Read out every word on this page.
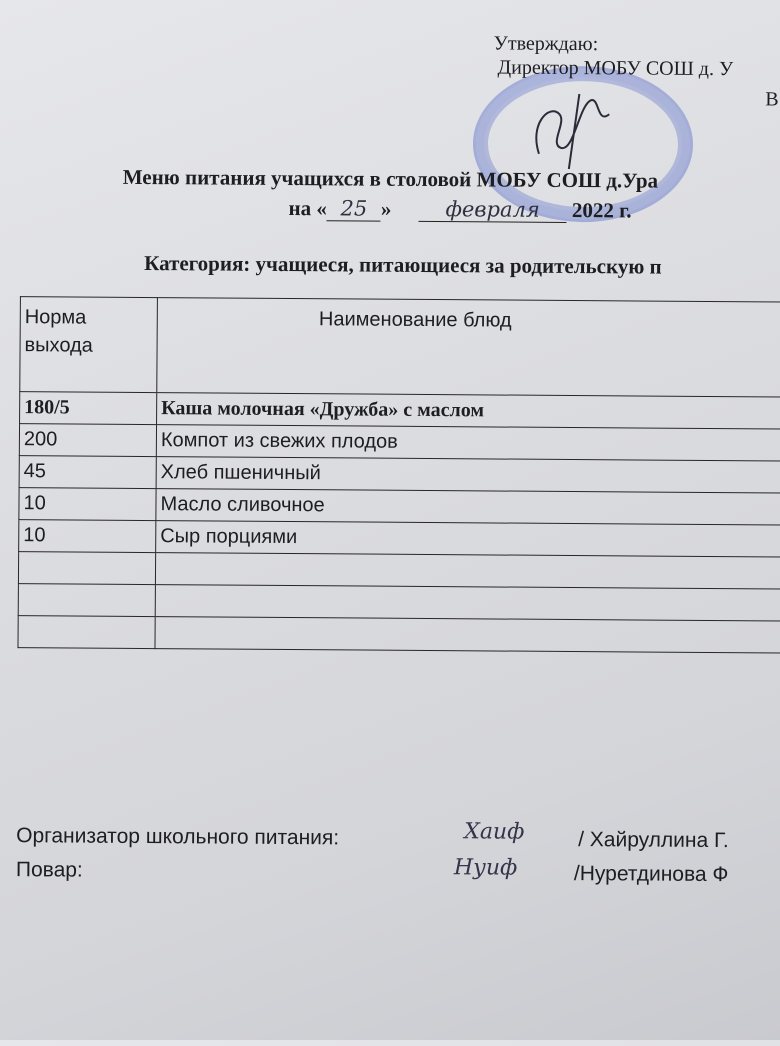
Утверждаю:
Директор МОБУ СОШ д. У
В
Меню питания учащихся в столовой МОБУ СОШ д.Ура
на « 25 »	февраля 2022 г.
Категория: учащиеся, питающиеся за родительскую п
Норма выхода	Наименование блюд
180/5	Каша молочная «Дружба» с маслом
200	Компот из свежих плодов
45	Хлеб пшеничный
10	Масло сливочное
10	Сыр порциями

Организатор школьного питания:	Хаиф	/ Хайруллина Г.
Повар:	Нуиф	/Нуретдинова Ф
